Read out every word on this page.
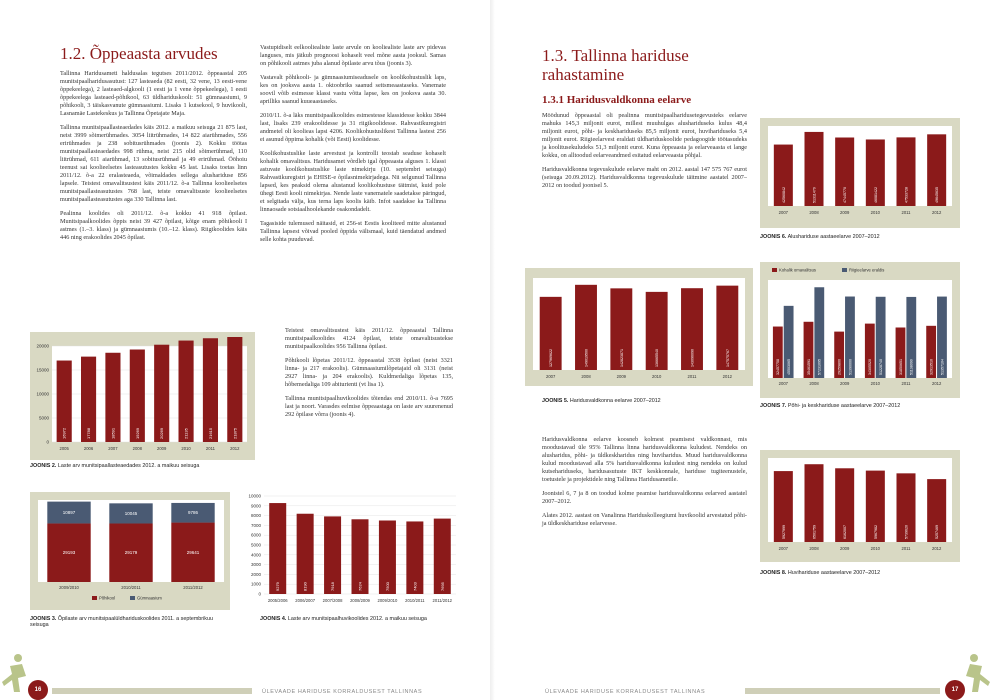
1.2. Õppeaasta arvudes

Tallinna Haridusameti haldusalas tegutses 2011/2012. õppeaastal 205 munitsipaalharidusasutust: 127 lasteaeda (82 eesti, 32 vene, 13 eesti-vene õppekeelega), 2 lasteaed-algkooli (1 eesti ja 1 vene õppekeelega), 1 eesti õppekeelega lasteaed-põhikool, 63 üldhariduskooli: 51 gümnaasiumi, 9 põhikooli, 3 täiskasvanute gümnaasiumi. Lisaks 1 kutsekool, 9 huvikooli, Lasnamäe Lastekeskus ja Tallinna Õpetajate Maja.

Tallinna munitsipaallasteaedades käis 2012. a maikuu seisuga 21 875 last, neist 3999 sõimerühmades. 3054 liitrühmades, 14 822 aiarühmades, 556 erirühmades ja 238 sobitusrühmades (joonis 2). Kokku töötas munitsipaallasteaedades 998 rühma, neist 215 olid sõimerühmad, 110 liitrühmad, 611 aiarühmad, 13 sobitusrühmad ja 49 erirühmad. Ööhoiu teenust sai koolieelsetes lasteasutustes kokku 45 last. Lisaks toetas linn 2011/12. õ-a 22 eralasteaeda, võimaldades sellega alushariduse 856 lapsele. Teistest omavalitsustest käis 2011/12. õ-a Tallinna koolieelsetes munitsipaallasteasutustes 768 last, teiste omavalitsuste koolieelsetes munitsipaallasteasutustes aga 330 Tallinna last.

Pealinna koolides oli 2011/12. õ-a kokku 41 918 õpilast. Munitsipaalkoolides õppis neist 39 427 õpilast, kõige enam põhikooli I astmes (1.–3. klass) ja gümnaasiumis (10.–12. klass). Riigikoolides käis 446 ning erakoolides 2045 õpilast.

Vastupidiselt eelkooliealiste laste arvule on kooliealiste laste arv pidevas languses, mis jätkub prognoosi kohaselt veel mõne aasta jooksul. Samas on põhikooli astmes juba alanud õpilaste arvu tõus (joonis 3).

Vastavalt põhikooli- ja gümnaasiumiseadusele on koolikohustuslik laps, kes on jooksva aasta 1. oktoobriks saanud seitsmeaastaseks. Vanemate soovil võib esimesse klassi vastu võtta lapse, kes on jooksva aasta 30. aprilliks saanud kuueaastaseks.

2010/11. õ-a läks munitsipaalkoolides esimestesse klassidesse kokku 3844 last, lisaks 239 erakoolidesse ja 31 riigikoolidesse. Rahvastikuregistri andmetel oli koolieas lapsi 4206. Koolikohustuslikest Tallinna lastest 256 ei asunud õppima kohalik (või Eesti) koolidesse.

Koolikohustuslike laste arvestust ja kontrolli teostab seaduse kohaselt kohalik omavalitsus. Haridusamet võrdleb igal õppeaasta alguses 1. klassi astuvate koolikohustuslike laste nimekirju (10. septembri seisuga) Rahvastikuregistri ja EHISE-e õpilasnimekirjadega. Nii selgunud Tallinna lapsed, kes peaksid olema alustanud koolikohustuse täitmist, kuid pole ühegi Eesti kooli nimekirjas. Nende laste vanematele saadetakse päringud, et selgitada välja, kus terna laps koolis käib. Infot saadakse ka Tallinna linnaosade sotsiaalhoolekande osakondadelt.

Tagasiside tulemused näitasid, et 256-st Eestis kooliteed mitte alustanud Tallinna lapsest võivad pooled õppida välismaal, kuid täendatud andmed selle kohta puuduvad.

Teistest omavalitsustest käis 2011/12. õppeaastal Tallinna munitsipaalkoolides 4124 õpilast, teiste omavalitsustekse munitsipaalkoolides 956 Tallinna õpilast.

Põhikooli lõpetas 2011/12. õppeaastal 3538 õpilast (neist 3321 linna- ja 217 erakoolis). Gümnaasiumilõpetajaid oli 3131 (neist 2927 linna- ja 204 erakoolis). Kuldmedaliga lõpetas 135, hõbemedaliga 109 abiturienti (vt lisa 1).

Tallinna munitsipaalhuvikoolides tõiendas end 2010/11. õ-a 7695 last ja noort. Varasdes eelmise õppeaastaga on laste arv suurenenud 292 õpilase võrra (joonis 4).

0
5000
10000
15000
20000
16972
2005
17788
2006
18591
2007
19269
2008
20269
2009
21135
2010
21615
2011
21875
2012
JOONIS 2. Laste arv munitsipaallasteaedades 2012. a maikuu seisuga
29193
10897
2009/2010
29179
10045
2010/2011
29641
9786
2011/2012
Põhikool	Gümnaasium
JOONIS 3. Õpilaste arv munitsipaalüldhariduskoolides 2011. a septembrikuu seisuga
0
1000
2000
3000
4000
5000
6000
7000
8000
9000
10000
9279
2005/2006
8190
2006/2007
7918
2007/2008
7624
2008/2009
7500
2009/2010
7403
2010/2011
7695
2011/2012
JOONIS 4. Laste arv munitsipaalhuvikoolides 2012. a maikuu seisuga
16	ÜLEVAADE HARIDUSE KORRALDUSEST TALLINNAS
1.3. Tallinna hariduse rahastamine
1.3.1 Haridusvaldkonna eelarve

Möödunud õppeaastal oli pealinna munitsipaalharidusetegevusteks eelarve mahuks 145,3 miljonit eurot, millest muuhulgas alushariduseks kulus 48,4 miljonit eurot, põhi- ja keskhariduseks 85,5 miljonit eurot, huvihariduseks 5,4 miljonit eurot. Riigieelarvest eraldati üldhariduskoolide pedagoogide töötasudeks ja koolitusekuludeks 51,3 miljonit eurot. Kuna õppeaasta ja eelarveaasta ei lange kokku, on alltoodud eelarveandmed esitatud eelarveaasta põhjal.

Haridusvaldkonna tegevuskulude eelarve maht on 2012. aastal 147 575 767 eurot (seisuga 20.09.2012). Haridusvaldkonna tegevuskulude täitmine aastatel 2007–2012 on toodud joonisel 5.

Haridusvaldkonna eelarve koosneb kolmest peamisest valdkonnast, mis moodustavad üle 95% Tallinna linna haridusvaldkonna kuludest. Nendeks on alusharidus, põhi- ja üldkeskharidus ning huviharidus. Muud haridusvaldkonna kulud moodustavad alla 5% haridusvaldkonna kuludest ning nendeks on kulud kutsehariduseks, haridusasutuste IKT keskkonnale, hariduse tugiteenustele, toetustele ja projektidele ning Tallinna Haridusametile.

Joonistel 6, 7 ja 8 on toodud kolme peamise haridusvaldkonna eelarved aastatel 2007–2012.

Alates 2012. aastast on Vanalinna Hariduskolleegiumi huvikoolid arvestatud põhi- ja üldkeskhariduse eelarvesse.

42560842
2007
51311470
2008
47445770
2009
46081422
2010
47533728
2011
49645635
2012
JOONIS 6. Alushariduse aastaeelarve 2007–2012
127969622
2007
149019500
2008
142823871
2009
136665540
2010
143096090
2011
147575767
2012
JOONIS 5. Haridusvaldkonna eelarve 2007–2012
32457758 45503065
2007
35461591 57231095
2008
29259800 51390000
2009
34305520 51228740
2010
31850651 51138090
2011
32913510 51357104
2012
Kohalik omavalitsus	Riigieelarve eraldis
JOONIS 7. Põhi- ja keskhariduse aastaeelarve 2007–2012
5927999
2007
6501759
2008
6162007
2009
5967982
2010
5739620
2011
5257469
2012
JOONIS 8. Huvihariduse aastaeelarve 2007–2012
ÜLEVAADE HARIDUSE KORRALDUSEST TALLINNAS	17
